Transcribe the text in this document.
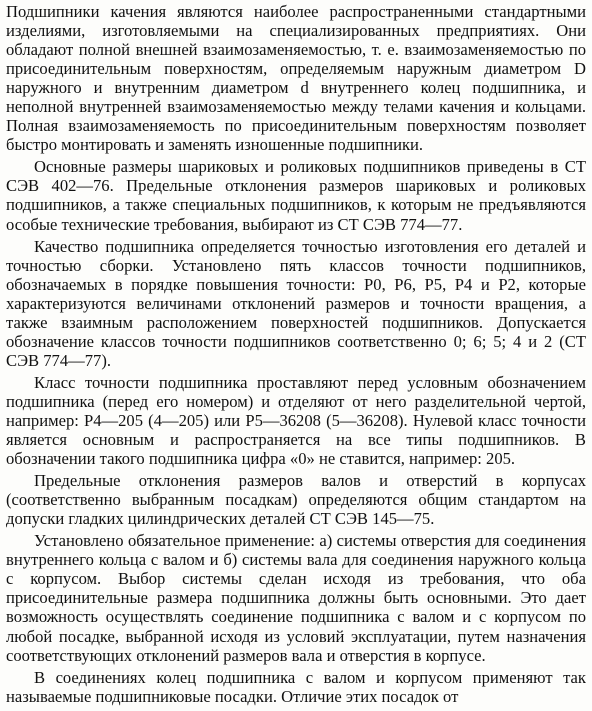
Подшипники качения являются наиболее распространенными стандартными изделиями, изготовляемыми на специализированных предприятиях. Они обладают полной внешней взаимозаменяемостью, т. е. взаимозаменяемостью по присоединительным поверхностям, определяемым наружным диаметром D наружного и внутренним диаметром d внутреннего колец подшипника, и неполной внутренней взаимозаменяемостью между телами качения и кольцами. Полная взаимозаменяемость по присоединительным поверхностям позволяет быстро монтировать и заменять изношенные подшипники.

Основные размеры шариковых и роликовых подшипников приведены в СТ СЭВ 402—76. Предельные отклонения размеров шариковых и роликовых подшипников, а также специальных подшипников, к которым не предъявляются особые технические требования, выбирают из СТ СЭВ 774—77.

Качество подшипника определяется точностью изготовления его деталей и точностью сборки. Установлено пять классов точности подшипников, обозначаемых в порядке повышения точности: Р0, Р6, Р5, Р4 и Р2, которые характеризуются величинами отклонений размеров и точности вращения, а также взаимным расположением поверхностей подшипников. Допускается обозначение классов точности подшипников соответственно 0; 6; 5; 4 и 2 (СТ СЭВ 774—77).

Класс точности подшипника проставляют перед условным обозначением подшипника (перед его номером) и отделяют от него разделительной чертой, например: Р4—205 (4—205) или Р5—36208 (5—36208). Нулевой класс точности является основным и распространяется на все типы подшипников. В обозначении такого подшипника цифра «0» не ставится, например: 205.

Предельные отклонения размеров валов и отверстий в корпусах (соответственно выбранным посадкам) определяются общим стандартом на допуски гладких цилиндрических деталей СТ СЭВ 145—75.

Установлено обязательное применение: а) системы отверстия для соединения внутреннего кольца с валом и б) системы вала для соединения наружного кольца с корпусом. Выбор системы сделан исходя из требования, что оба присоединительные размера подшипника должны быть основными. Это дает возможность осуществлять соединение подшипника с валом и с корпусом по любой посадке, выбранной исходя из условий эксплуатации, путем назначения соответствующих отклонений размеров вала и отверстия в корпусе.

В соединениях колец подшипника с валом и корпусом применяют так называемые подшипниковые посадки. Отличие этих посадок от
